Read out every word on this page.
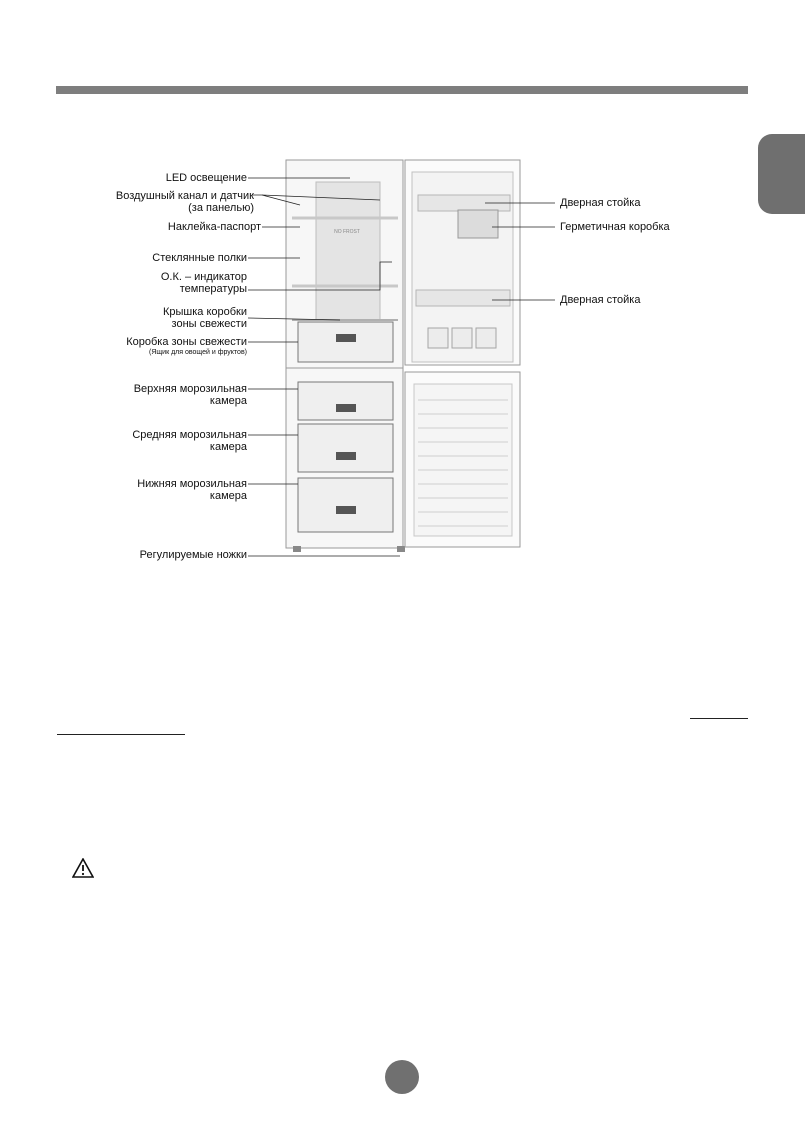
NO FROST
LED освещение
Воздушный канал и датчик
(за панелью)
Наклейка-паспорт
Стеклянные полки
О.К. – индикатор
температуры
Крышка коробки
зоны свежести
Коробка зоны свежести
(Ящик для овощей и фруктов)
Верхняя морозильная
камера
Средняя морозильная
камера
Нижняя морозильная
камера
Регулируемые ножки
Дверная стойка
Герметичная коробка
Дверная стойка
